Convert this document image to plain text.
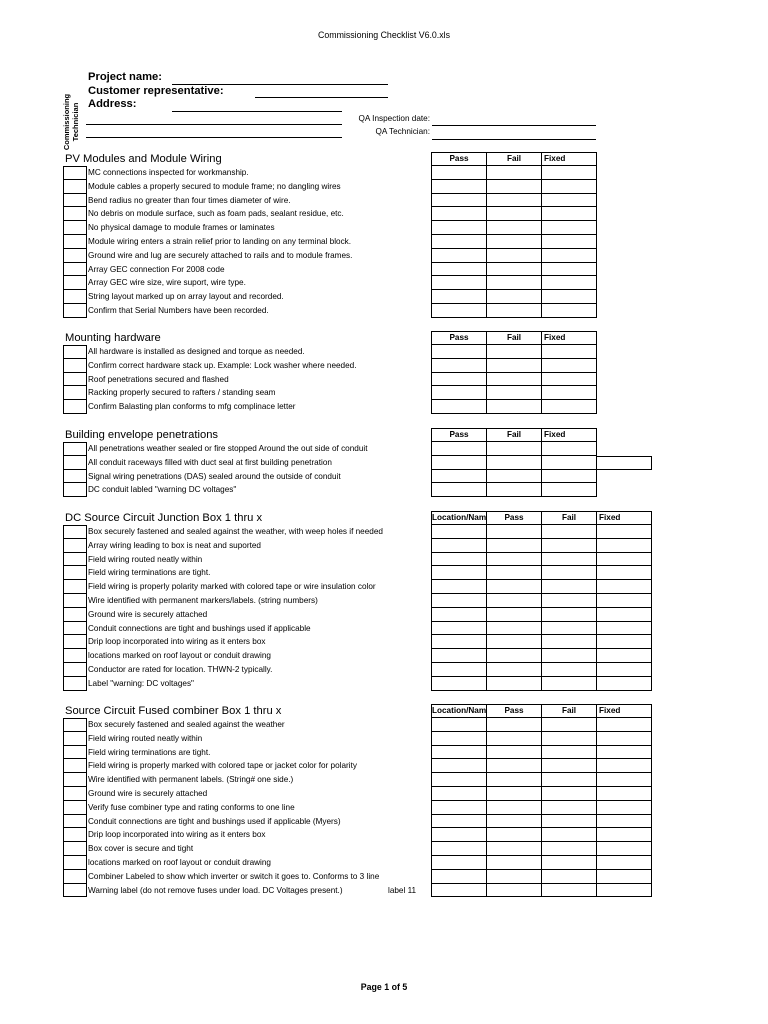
Commissioning Checklist V6.0.xls
Project name:
Customer representative:
Address:
Commissioning Technician	QA Inspection date:
QA Technician:
PV Modules and Module Wiring	Pass	Fail	Fixed
MC connections inspected for workmanship.
Module cables a properly secured to module frame; no dangling wires
Bend radius no greater than four times diameter of wire.
No debris on module surface, such as foam pads, sealant residue, etc.
No physical damage to module frames or laminates
Module wiring enters a strain relief prior to landing on any terminal block.
Ground wire and lug are securely attached to rails and to module frames.
Array GEC connection For 2008 code
Array GEC wire size, wire suport, wire type.
String layout marked up on array layout and recorded.
Confirm that Serial Numbers have been recorded.
Mounting hardware	Pass	Fail	Fixed
All hardware is installed as designed and torque as needed.
Confirm correct hardware stack up. Example: Lock washer where needed.
Roof penetrations secured and flashed
Racking properly secured to rafters / standing seam
Confirm Balasting plan conforms to mfg complinace letter
Building envelope penetrations	Pass	Fail	Fixed
All penetrations weather sealed or fire stopped Around the out side of conduit
All conduit raceways filled with duct seal at first building penetration
Signal wiring penetrations (DAS) sealed around the outside of conduit
DC conduit labled "warning DC voltages"
DC Source Circuit Junction Box 1 thru x	Location/Nam	Pass	Fail	Fixed
Box securely fastened and sealed against the weather, with weep holes if needed
Array wiring leading to box is neat and suported
Field wiring routed neatly within
Field wiring terminations are tight.
Field wiring is properly polarity marked with colored tape or wire insulation color
Wire identified with permanent markers/labels. (string numbers)
Ground wire is securely attached
Conduit connections are tight and bushings used if applicable
Drip loop incorporated into wiring as it enters box
locations marked on roof layout or conduit drawing
Conductor are rated for location. THWN-2 typically.
Label "warning: DC voltages"
Source Circuit Fused combiner Box 1 thru x	Location/Nam	Pass	Fail	Fixed
Box securely fastened and sealed against the weather
Field wiring routed neatly within
Field wiring terminations are tight.
Field wiring is properly marked with colored tape or jacket color for polarity
Wire identified with permanent labels. (String# one side.)
Ground wire is securely attached
Verify fuse combiner type and rating conforms to one line
Conduit connections are tight and bushings used if applicable (Myers)
Drip loop incorporated into wiring as it enters box
Box cover is secure and tight
locations marked on roof layout or conduit drawing
Combiner Labeled to show which inverter or switch it goes to. Conforms to 3 line
Warning label (do not remove fuses under load. DC Voltages present.)	label 11
Page 1 of 5
